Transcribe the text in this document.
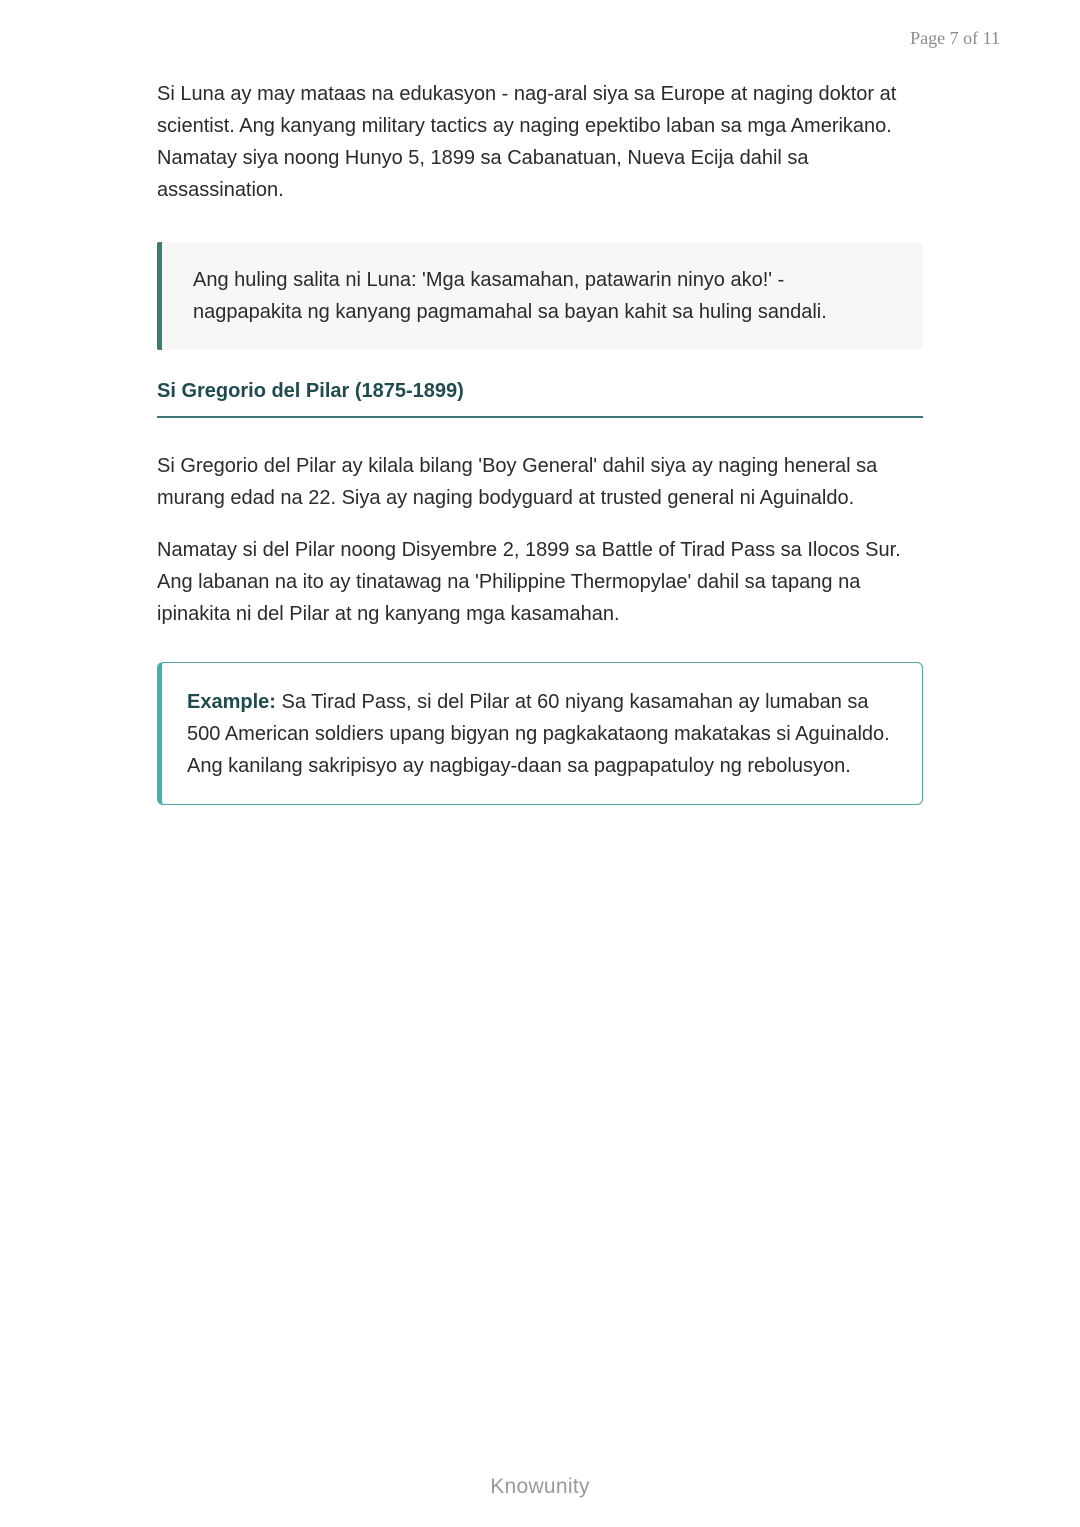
Page 7 of 11

Si Luna ay may mataas na edukasyon - nag-aral siya sa Europe at naging doktor at scientist. Ang kanyang military tactics ay naging epektibo laban sa mga Amerikano. Namatay siya noong Hunyo 5, 1899 sa Cabanatuan, Nueva Ecija dahil sa assassination.

Ang huling salita ni Luna: 'Mga kasamahan, patawarin ninyo ako!' - nagpapakita ng kanyang pagmamahal sa bayan kahit sa huling sandali.

Si Gregorio del Pilar (1875-1899)

Si Gregorio del Pilar ay kilala bilang 'Boy General' dahil siya ay naging heneral sa murang edad na 22. Siya ay naging bodyguard at trusted general ni Aguinaldo.

Namatay si del Pilar noong Disyembre 2, 1899 sa Battle of Tirad Pass sa Ilocos Sur. Ang labanan na ito ay tinatawag na 'Philippine Thermopylae' dahil sa tapang na ipinakita ni del Pilar at ng kanyang mga kasamahan.

Example: Sa Tirad Pass, si del Pilar at 60 niyang kasamahan ay lumaban sa 500 American soldiers upang bigyan ng pagkakataong makatakas si Aguinaldo. Ang kanilang sakripisyo ay nagbigay-daan sa pagpapatuloy ng rebolusyon.

Knowunity
